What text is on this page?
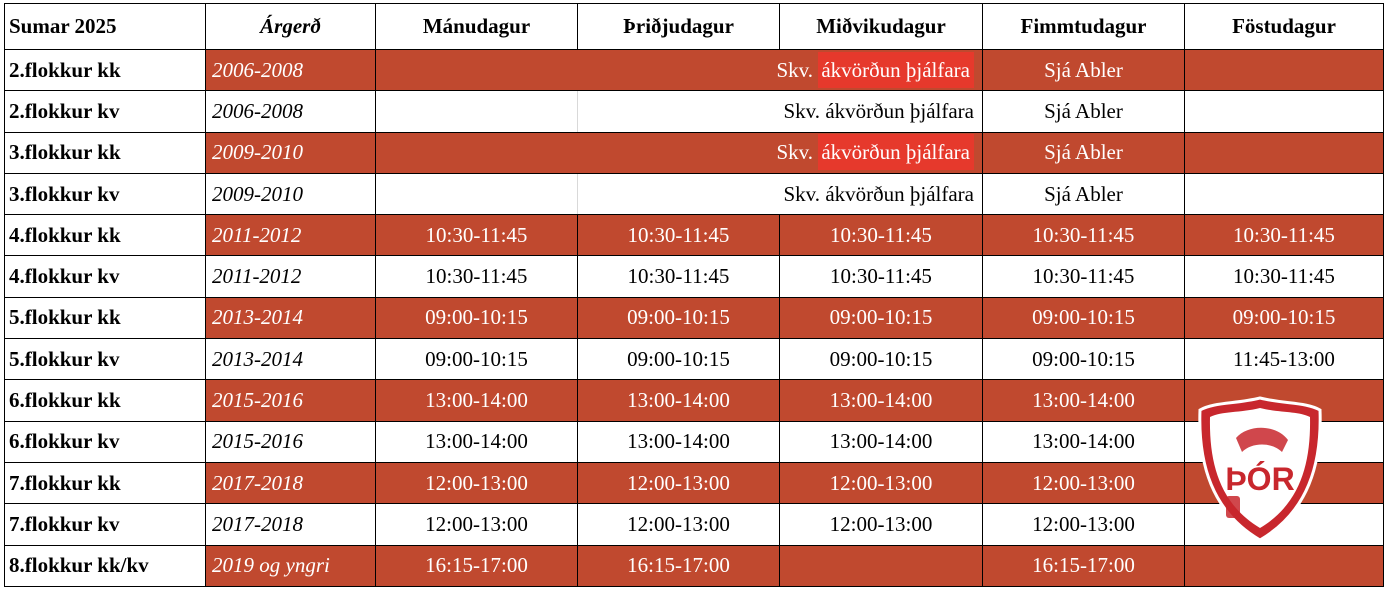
Sumar 2025	Árgerð	Mánudagur	Þriðjudagur	Miðvikudagur	Fimmtudagur	Föstudagur
2.flokkur kk	2006-2008		Skv. ákvörðun þjálfara		Sjá Abler	
2.flokkur kv	2006-2008		Skv. ákvörðun þjálfara		Sjá Abler	
3.flokkur kk	2009-2010		Skv. ákvörðun þjálfara		Sjá Abler	
3.flokkur kv	2009-2010		Skv. ákvörðun þjálfara		Sjá Abler	
4.flokkur kk	2011-2012	10:30-11:45	10:30-11:45	10:30-11:45	10:30-11:45	10:30-11:45
4.flokkur kv	2011-2012	10:30-11:45	10:30-11:45	10:30-11:45	10:30-11:45	10:30-11:45
5.flokkur kk	2013-2014	09:00-10:15	09:00-10:15	09:00-10:15	09:00-10:15	09:00-10:15
5.flokkur kv	2013-2014	09:00-10:15	09:00-10:15	09:00-10:15	09:00-10:15	11:45-13:00
6.flokkur kk	2015-2016	13:00-14:00	13:00-14:00	13:00-14:00	13:00-14:00	
6.flokkur kv	2015-2016	13:00-14:00	13:00-14:00	13:00-14:00	13:00-14:00	
7.flokkur kk	2017-2018	12:00-13:00	12:00-13:00	12:00-13:00	12:00-13:00	
7.flokkur kv	2017-2018	12:00-13:00	12:00-13:00	12:00-13:00	12:00-13:00	
8.flokkur kk/kv	2019 og yngri	16:15-17:00	16:15-17:00		16:15-17:00	
ÞÓR
